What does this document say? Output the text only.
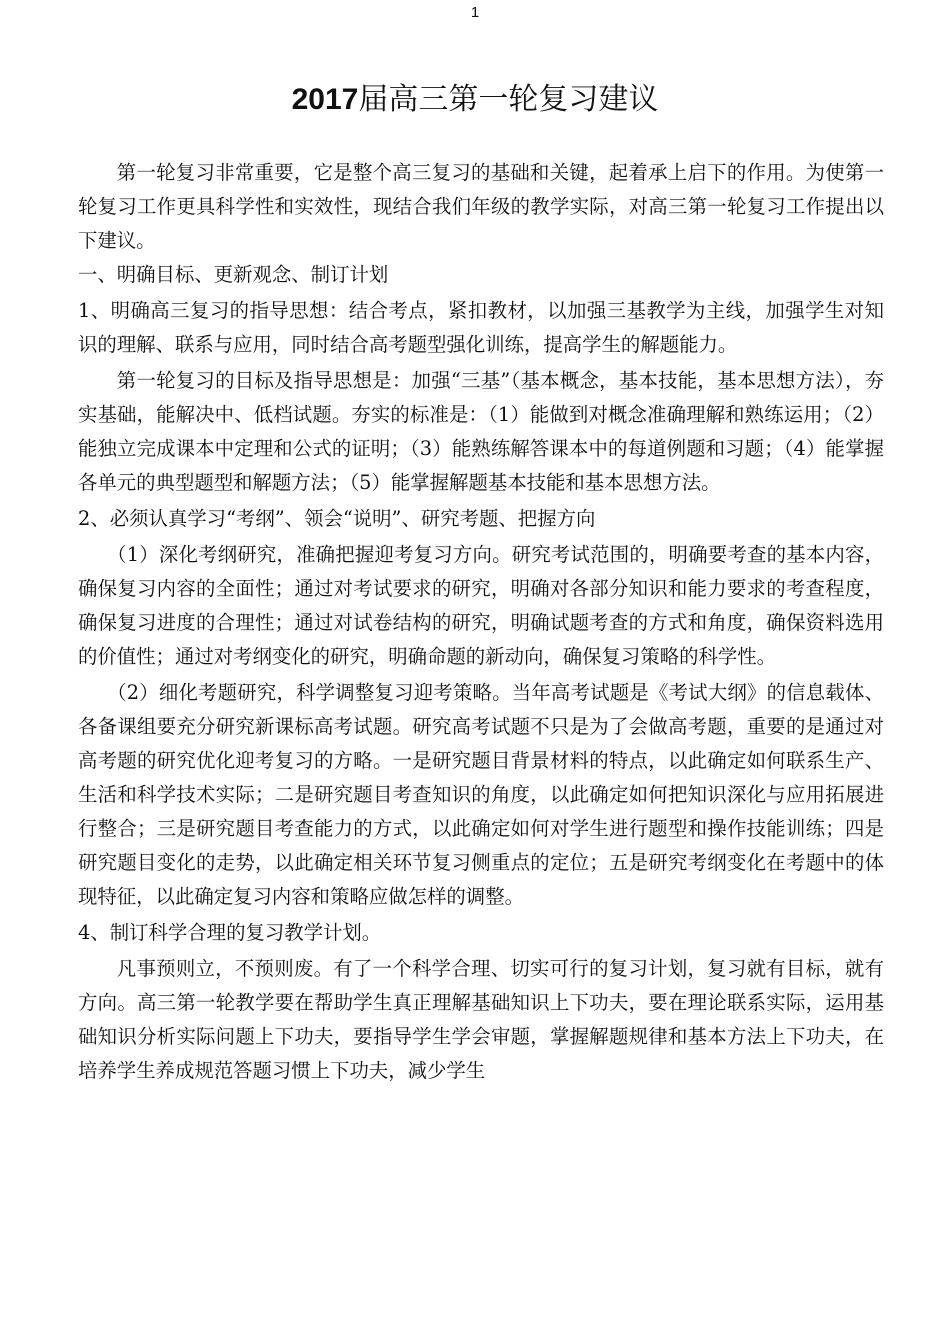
1
2017届高三第一轮复习建议

第一轮复习非常重要，它是整个高三复习的基础和关键，起着承上启下的作用。为使第一轮复习工作更具科学性和实效性，现结合我们年级的教学实际，对高三第一轮复习工作提出以下建议。

一、明确目标、更新观念、制订计划

1、明确高三复习的指导思想：结合考点，紧扣教材，以加强三基教学为主线，加强学生对知识的理解、联系与应用，同时结合高考题型强化训练，提高学生的解题能力。

第一轮复习的目标及指导思想是：加强“三基”（基本概念，基本技能，基本思想方法），夯实基础，能解决中、低档试题。夯实的标准是：（1）能做到对概念准确理解和熟练运用；（2）能独立完成课本中定理和公式的证明；（3）能熟练解答课本中的每道例题和习题；（4）能掌握各单元的典型题型和解题方法；（5）能掌握解题基本技能和基本思想方法。

2、必须认真学习“考纲”、领会“说明”、研究考题、把握方向

（1）深化考纲研究，准确把握迎考复习方向。研究考试范围的，明确要考查的基本内容，确保复习内容的全面性；通过对考试要求的研究，明确对各部分知识和能力要求的考查程度，确保复习进度的合理性；通过对试卷结构的研究，明确试题考查的方式和角度，确保资料选用的价值性；通过对考纲变化的研究，明确命题的新动向，确保复习策略的科学性。

（2）细化考题研究，科学调整复习迎考策略。当年高考试题是《考试大纲》的信息载体、各备课组要充分研究新课标高考试题。研究高考试题不只是为了会做高考题，重要的是通过对高考题的研究优化迎考复习的方略。一是研究题目背景材料的特点，以此确定如何联系生产、生活和科学技术实际；二是研究题目考查知识的角度，以此确定如何把知识深化与应用拓展进行整合；三是研究题目考查能力的方式，以此确定如何对学生进行题型和操作技能训练；四是研究题目变化的走势，以此确定相关环节复习侧重点的定位；五是研究考纲变化在考题中的体现特征，以此确定复习内容和策略应做怎样的调整。

4、制订科学合理的复习教学计划。

凡事预则立，不预则废。有了一个科学合理、切实可行的复习计划，复习就有目标，就有方向。高三第一轮教学要在帮助学生真正理解基础知识上下功夫，要在理论联系实际，运用基础知识分析实际问题上下功夫，要指导学生学会审题，掌握解题规律和基本方法上下功夫，在培养学生养成规范答题习惯上下功夫，减少学生
